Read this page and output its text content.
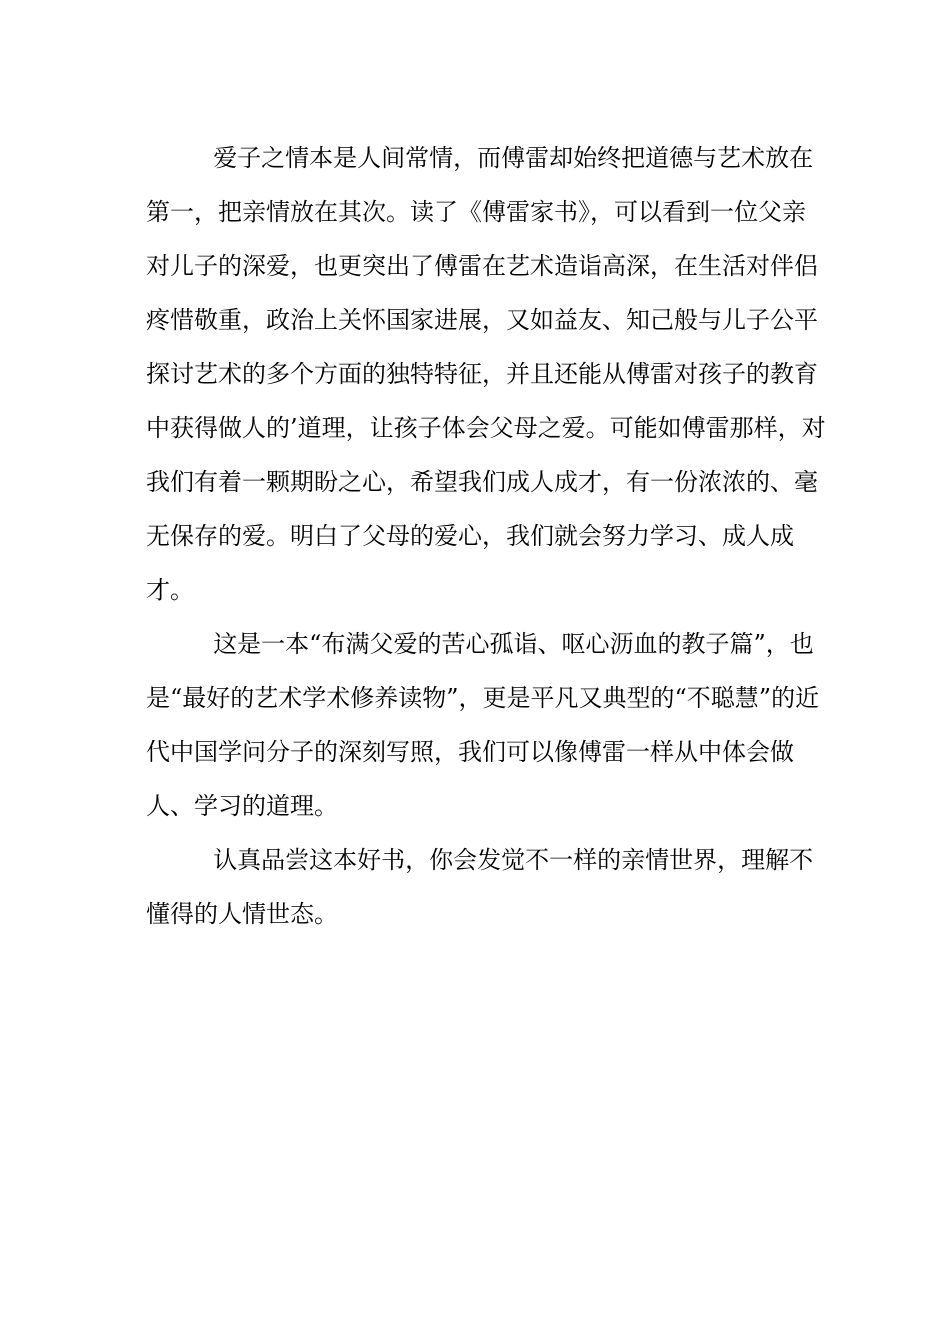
爱子之情本是人间常情，而傅雷却始终把道德与艺术放在第一，把亲情放在其次。读了《傅雷家书》，可以看到一位父亲对儿子的深爱，也更突出了傅雷在艺术造诣高深，在生活对伴侣疼惜敬重，政治上关怀国家进展，又如益友、知己般与儿子公平探讨艺术的多个方面的独特特征，并且还能从傅雷对孩子的教育中获得做人的’道理，让孩子体会父母之爱。可能如傅雷那样，对我们有着一颗期盼之心，希望我们成人成才，有一份浓浓的、毫无保存的爱。明白了父母的爱心，我们就会努力学习、成人成才。

这是一本“布满父爱的苦心孤诣、呕心沥血的教子篇”，也是“最好的艺术学术修养读物”，更是平凡又典型的“不聪慧”的近代中国学问分子的深刻写照，我们可以像傅雷一样从中体会做人、学习的道理。

认真品尝这本好书，你会发觉不一样的亲情世界，理解不懂得的人情世态。
